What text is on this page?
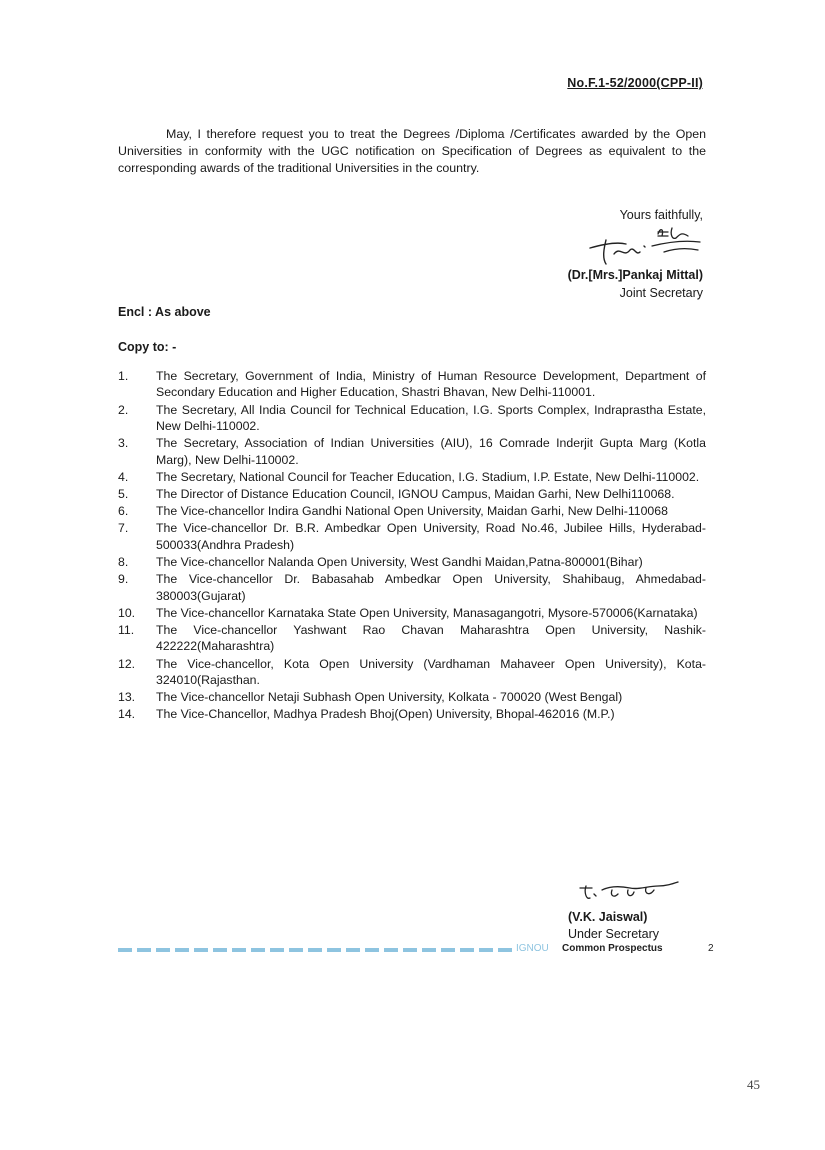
No.F.1-52/2000(CPP-II)

May, I therefore request you to treat the Degrees /Diploma /Certificates awarded by the Open Universities in conformity with the UGC notification on Specification of Degrees as equivalent to the corresponding awards of the traditional Universities in the country.

Yours faithfully,
(Dr.[Mrs.]Pankaj Mittal)
Joint Secretary
Encl : As above
Copy to: -
1. The Secretary, Government of India, Ministry of Human Resource Development, Department of Secondary Education and Higher Education, Shastri Bhavan, New Delhi-110001.
2. The Secretary, All India Council for Technical Education, I.G. Sports Complex, Indraprastha Estate, New Delhi-110002.
3. The Secretary, Association of Indian Universities (AIU), 16 Comrade Inderjit Gupta Marg (Kotla Marg), New Delhi-110002.
4. The Secretary, National Council for Teacher Education, I.G. Stadium, I.P. Estate, New Delhi-110002.
5. The Director of Distance Education Council, IGNOU Campus, Maidan Garhi, New Delhi110068.
6. The Vice-chancellor Indira Gandhi National Open University, Maidan Garhi, New Delhi-110068
7. The Vice-chancellor Dr. B.R. Ambedkar Open University, Road No.46, Jubilee Hills, Hyderabad-500033(Andhra Pradesh)
8. The Vice-chancellor Nalanda Open University, West Gandhi Maidan,Patna-800001(Bihar)
9. The Vice-chancellor Dr. Babasahab Ambedkar Open University, Shahibaug, Ahmedabad-380003(Gujarat)
10. The Vice-chancellor Karnataka State Open University, Manasagangotri, Mysore-570006(Karnataka)
11. The Vice-chancellor Yashwant Rao Chavan Maharashtra Open University, Nashik-422222(Maharashtra)
12. The Vice-chancellor, Kota Open University (Vardhaman Mahaveer Open University), Kota-324010(Rajasthan.
13. The Vice-chancellor Netaji Subhash Open University, Kolkata - 700020 (West Bengal)
14. The Vice-Chancellor, Madhya Pradesh Bhoj(Open) University, Bhopal-462016 (M.P.)
(V.K. Jaiswal)
Under Secretary
IGNOU Common Prospectus	2
45
